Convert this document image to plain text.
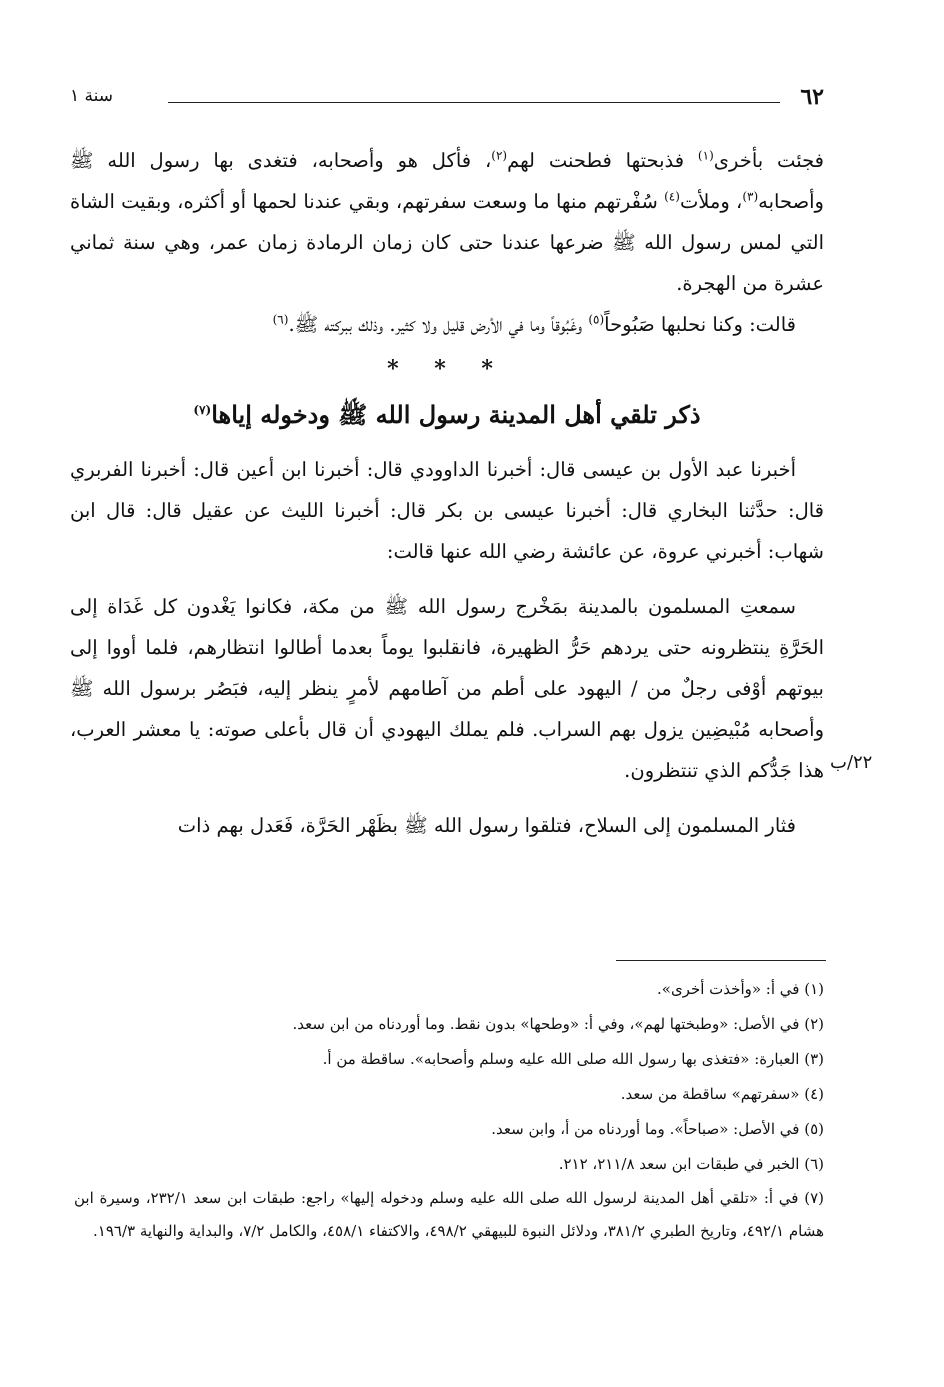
٦٢
سنة ١
٢٢/ب

فجئت بأخرى$^{(١)}$ فذبحتها فطحنت لهم$^{(٢)}$، فأكل هو وأصحابه، فتغدى بها رسول الله ﷺ وأصحابه$^{(٣)}$، وملأت$^{(٤)}$ سُفْرتهم منها ما وسعت سفرتهم، وبقي عندنا لحمها أو أكثره، وبقيت الشاة التي لمس رسول الله ﷺ ضرعها عندنا حتى كان زمان الرمادة زمان عمر، وهي سنة ثماني عشرة من الهجرة.

قالت: وكنا نحلبها صَبُوحاً$^{(٥)}$ وغَبُوقاً وما في الأرض قليل ولا كثير. وذلك ببركته ﷺ.$^{(٦)}$

* * *
ذكر تلقي أهل المدينة رسول الله ﷺ ودخوله إياها$^{(٧)}$

أخبرنا عبد الأول بن عيسى قال: أخبرنا الداوودي قال: أخبرنا ابن أعين قال: أخبرنا الفربري قال: حدَّثنا البخاري قال: أخبرنا عيسى بن بكر قال: أخبرنا الليث عن عقيل قال: قال ابن شهاب: أخبرني عروة، عن عائشة رضي الله عنها قالت:

سمعتِ المسلمون بالمدينة بمَخْرج رسول الله ﷺ من مكة، فكانوا يَغْدون كل غَدَاة إلى الحَرَّةِ ينتظرونه حتى يردهم حَرُّ الظهيرة، فانقلبوا يوماً بعدما أطالوا انتظارهم، فلما أووا إلى بيوتهم أوْفى رجلٌ من / اليهود على أطم من آطامهم لأمرٍ ينظر إليه، فبَصُر برسول الله ﷺ وأصحابه مُبْيضِين يزول بهم السراب. فلم يملك اليهودي أن قال بأعلى صوته: يا معشر العرب، هذا جَدُّكم الذي تنتظرون.

فثار المسلمون إلى السلاح، فتلقوا رسول الله ﷺ بظَهْر الحَرَّة، فَعَدل بهم ذات

(١) في أ: «وأخذت أخرى».

(٢) في الأصل: «وطبختها لهم»، وفي أ: «وطحها» بدون نقط. وما أوردناه من ابن سعد.

(٣) العبارة: «فتغذى بها رسول الله صلى الله عليه وسلم وأصحابه». ساقطة من أ.

(٤) «سفرتهم» ساقطة من سعد.

(٥) في الأصل: «صباحاً». وما أوردناه من أ، وابن سعد.

(٦) الخبر في طبقات ابن سعد ٢١١/٨، ٢١٢.

(٧) في أ: «تلقي أهل المدينة لرسول الله صلى الله عليه وسلم ودخوله إليها» راجع: طبقات ابن سعد ٢٣٢/١، وسيرة ابن هشام ٤٩٢/١، وتاريخ الطبري ٣٨١/٢، ودلائل النبوة للبيهقي ٤٩٨/٢، والاكتفاء ٤٥٨/١، والكامل ٧/٢، والبداية والنهاية ١٩٦/٣.
